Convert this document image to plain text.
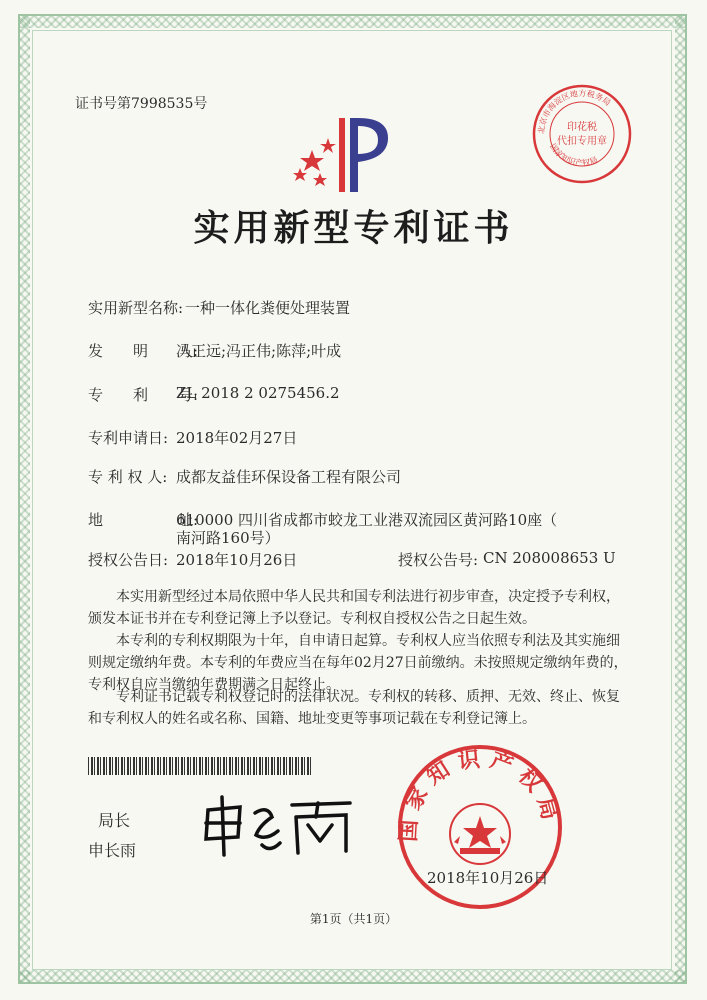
证书号第7998535号
印花税
代扣专用章
北京市海淀区地方税务局
国家知识产权局
实用新型专利证书
实用新型名称: 一种一体化粪便处理装置
发　　明　　人:
冯正远;冯正伟;陈萍;叶成
专　　利　　号:
ZL 2018 2 0275456.2
专利申请日: 2018年02月27日
专 利 权 人: 成都友益佳环保设备工程有限公司
地　　　　　址:
610000 四川省成都市蛟龙工业港双流园区黄河路10座（
南河路160号）
授权公告日: 2018年10月26日	授权公告号: CN 208008653 U
本实用新型经过本局依照中华人民共和国专利法进行初步审查，决定授予专利权，颁发本证书并在专利登记簿上予以登记。专利权自授权公告之日起生效。
本专利的专利权期限为十年，自申请日起算。专利权人应当依照专利法及其实施细则规定缴纳年费。本专利的年费应当在每年02月27日前缴纳。未按照规定缴纳年费的，专利权自应当缴纳年费期满之日起终止。
专利证书记载专利权登记时的法律状况。专利权的转移、质押、无效、终止、恢复和专利权人的姓名或名称、国籍、地址变更等事项记载在专利登记簿上。
局长
申长雨
国家知识产权局
2018年10月26日
第1页（共1页）
